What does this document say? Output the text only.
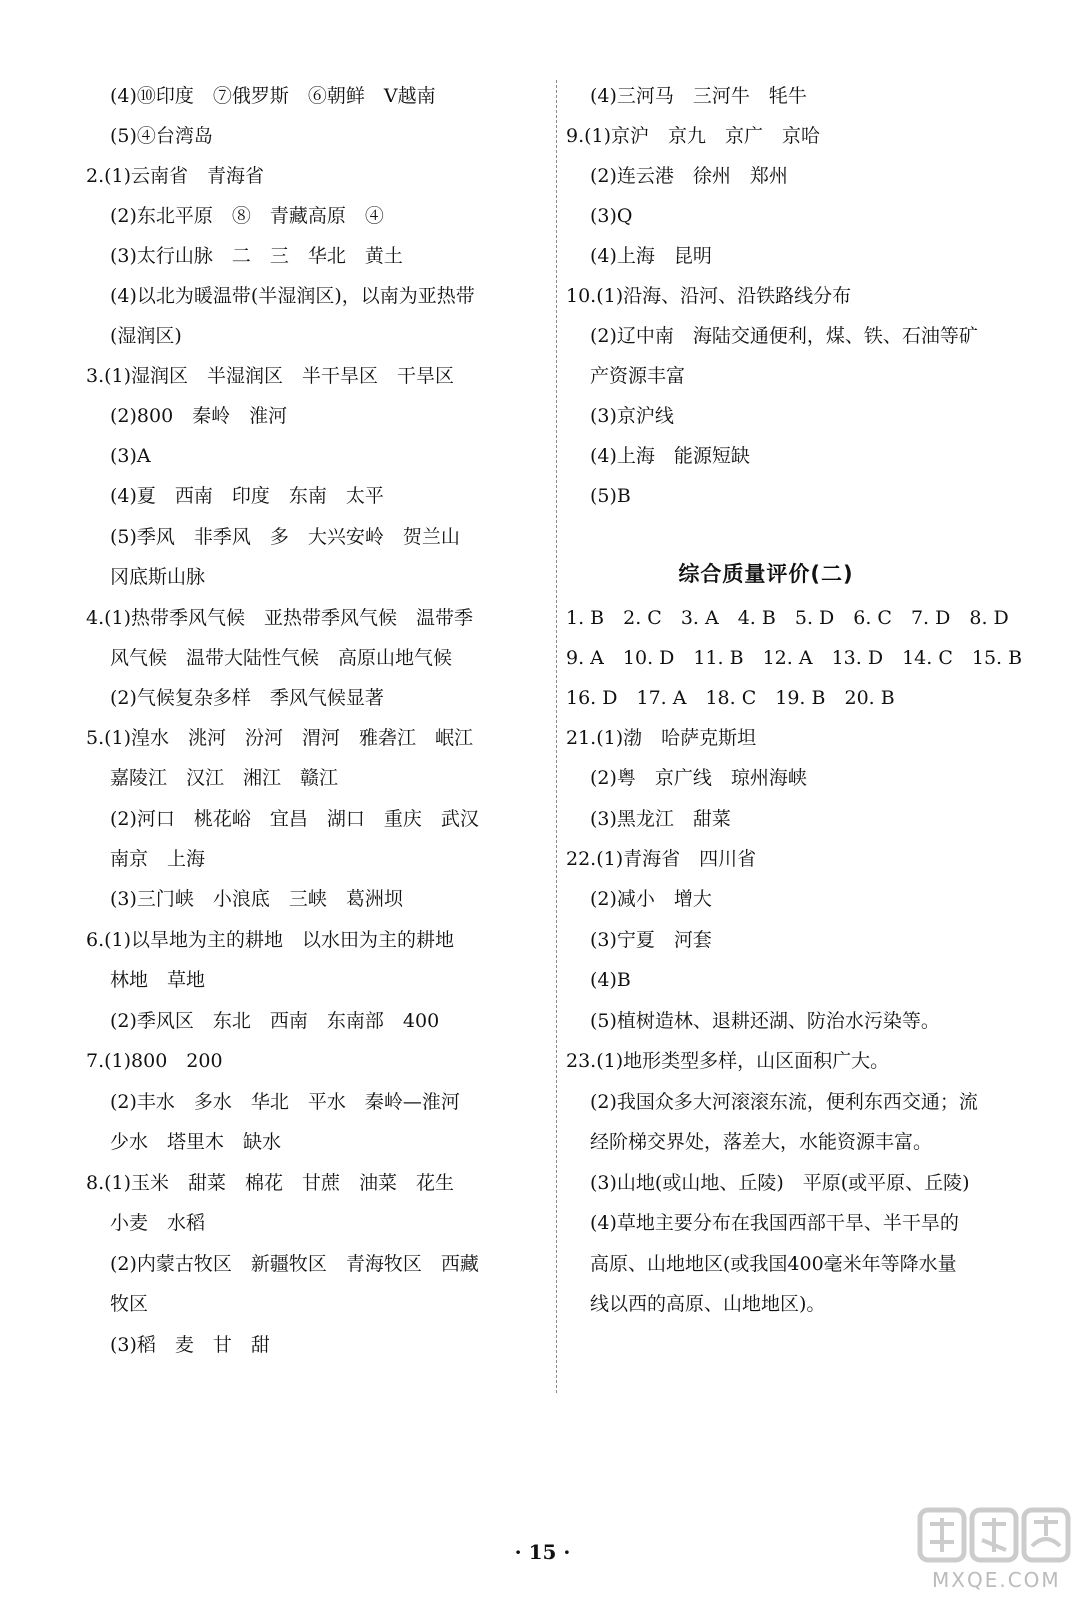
(4)⑩印度　⑦俄罗斯　⑥朝鲜　Ⅴ越南
(5)④台湾岛
2.(1)云南省　青海省
(2)东北平原　⑧　青藏高原　④
(3)太行山脉　二　三　华北　黄土
(4)以北为暖温带(半湿润区)，以南为亚热带
(湿润区)
3.(1)湿润区　半湿润区　半干旱区　干旱区
(2)800　秦岭　淮河
(3)A
(4)夏　西南　印度　东南　太平
(5)季风　非季风　多　大兴安岭　贺兰山
冈底斯山脉
4.(1)热带季风气候　亚热带季风气候　温带季
风气候　温带大陆性气候　高原山地气候
(2)气候复杂多样　季风气候显著
5.(1)湟水　洮河　汾河　渭河　雅砻江　岷江
嘉陵江　汉江　湘江　赣江
(2)河口　桃花峪　宜昌　湖口　重庆　武汉
南京　上海
(3)三门峡　小浪底　三峡　葛洲坝
6.(1)以旱地为主的耕地　以水田为主的耕地
林地　草地
(2)季风区　东北　西南　东南部　400
7.(1)800　200
(2)丰水　多水　华北　平水　秦岭—淮河
少水　塔里木　缺水
8.(1)玉米　甜菜　棉花　甘蔗　油菜　花生
小麦　水稻
(2)内蒙古牧区　新疆牧区　青海牧区　西藏
牧区
(3)稻　麦　甘　甜
(4)三河马　三河牛　牦牛
9.(1)京沪　京九　京广　京哈
(2)连云港　徐州　郑州
(3)Q
(4)上海　昆明
10.(1)沿海、沿河、沿铁路线分布
(2)辽中南　海陆交通便利，煤、铁、石油等矿
产资源丰富
(3)京沪线
(4)上海　能源短缺
(5)B
综合质量评价(二)
1. B　2. C　3. A　4. B　5. D　6. C　7. D　8. D
9. A　10. D　11. B　12. A　13. D　14. C　15. B
16. D　17. A　18. C　19. B　20. B
21.(1)渤　哈萨克斯坦
(2)粤　京广线　琼州海峡
(3)黑龙江　甜菜
22.(1)青海省　四川省
(2)减小　增大
(3)宁夏　河套
(4)B
(5)植树造林、退耕还湖、防治水污染等。
23.(1)地形类型多样，山区面积广大。
(2)我国众多大河滚滚东流，便利东西交通；流
经阶梯交界处，落差大，水能资源丰富。
(3)山地(或山地、丘陵)　平原(或平原、丘陵)
(4)草地主要分布在我国西部干旱、半干旱的
高原、山地地区(或我国400毫米年等降水量
线以西的高原、山地地区)。
· 15 ·
MXQE.COM
